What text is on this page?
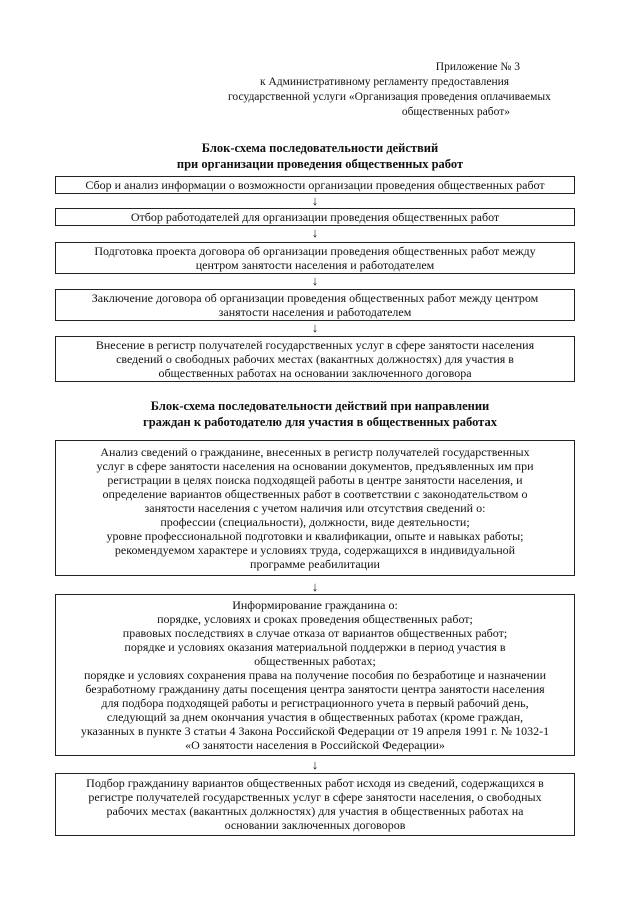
Приложение № 3
к Административному регламенту предоставления
государственной услуги «Организация проведения оплачиваемых
общественных работ»
Блок-схема последовательности действий
при организации проведения общественных работ
Сбор и анализ информации о возможности организации проведения общественных работ
↓
Отбор работодателей для организации проведения общественных работ
↓
Подготовка проекта договора об организации проведения общественных работ между
центром занятости населения и работодателем
↓
Заключение договора об организации проведения общественных работ между центром
занятости населения и работодателем
↓
Внесение в регистр получателей государственных услуг в сфере занятости населения
сведений о свободных рабочих местах (вакантных должностях) для участия в
общественных работах на основании заключенного договора
Блок-схема последовательности действий при направлении
граждан к работодателю для участия в общественных работах
Анализ сведений о гражданине, внесенных в регистр получателей государственных
услуг в сфере занятости населения на основании документов, предъявленных им при
регистрации в целях поиска подходящей работы в центре занятости населения, и
определение вариантов общественных работ в соответствии с законодательством о
занятости населения с учетом наличия или отсутствия сведений о:
профессии (специальности), должности, виде деятельности;
уровне профессиональной подготовки и квалификации, опыте и навыках работы;
рекомендуемом характере и условиях труда, содержащихся в индивидуальной
программе реабилитации
↓
Информирование гражданина о:
порядке, условиях и сроках проведения общественных работ;
правовых последствиях в случае отказа от вариантов общественных работ;
порядке и условиях оказания материальной поддержки в период участия в
общественных работах;
порядке и условиях сохранения права на получение пособия по безработице и назначении
безработному гражданину даты посещения центра занятости центра занятости населения
для подбора подходящей работы и регистрационного учета в первый рабочий день,
следующий за днем окончания участия в общественных работах (кроме граждан,
указанных в пункте 3 статьи 4 Закона Российской Федерации от 19 апреля 1991 г. № 1032-1
«О занятости населения в Российской Федерации»
↓
Подбор гражданину вариантов общественных работ исходя из сведений, содержащихся в
регистре получателей государственных услуг в сфере занятости населения, о свободных
рабочих местах (вакантных должностях) для участия в общественных работах на
основании заключенных договоров
